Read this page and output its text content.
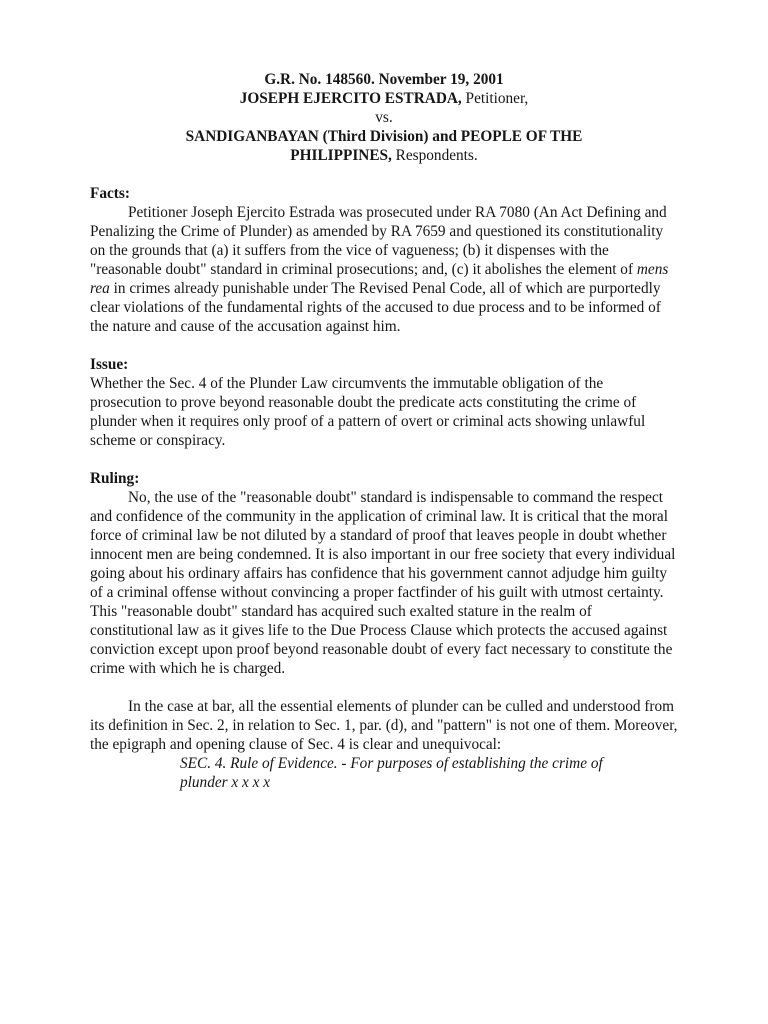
G.R. No. 148560. November 19, 2001
JOSEPH EJERCITO ESTRADA, Petitioner,
vs.
SANDIGANBAYAN (Third Division) and PEOPLE OF THE
PHILIPPINES, Respondents.
Facts:

Petitioner Joseph Ejercito Estrada was prosecuted under RA 7080 (An Act Defining and Penalizing the Crime of Plunder) as amended by RA 7659 and questioned its constitutionality on the grounds that (a) it suffers from the vice of vagueness; (b) it dispenses with the "reasonable doubt" standard in criminal prosecutions; and, (c) it abolishes the element of mens rea in crimes already punishable under The Revised Penal Code, all of which are purportedly clear violations of the fundamental rights of the accused to due process and to be informed of the nature and cause of the accusation against him.

Issue:

Whether the Sec. 4 of the Plunder Law circumvents the immutable obligation of the prosecution to prove beyond reasonable doubt the predicate acts constituting the crime of plunder when it requires only proof of a pattern of overt or criminal acts showing unlawful scheme or conspiracy.

Ruling:

No, the use of the "reasonable doubt" standard is indispensable to command the respect and confidence of the community in the application of criminal law. It is critical that the moral force of criminal law be not diluted by a standard of proof that leaves people in doubt whether innocent men are being condemned. It is also important in our free society that every individual going about his ordinary affairs has confidence that his government cannot adjudge him guilty of a criminal offense without convincing a proper factfinder of his guilt with utmost certainty. This "reasonable doubt" standard has acquired such exalted stature in the realm of constitutional law as it gives life to the Due Process Clause which protects the accused against conviction except upon proof beyond reasonable doubt of every fact necessary to constitute the crime with which he is charged.

In the case at bar, all the essential elements of plunder can be culled and understood from its definition in Sec. 2, in relation to Sec. 1, par. (d), and "pattern" is not one of them. Moreover, the epigraph and opening clause of Sec. 4 is clear and unequivocal:

SEC. 4. Rule of Evidence. - For purposes of establishing the crime of
plunder x x x x
